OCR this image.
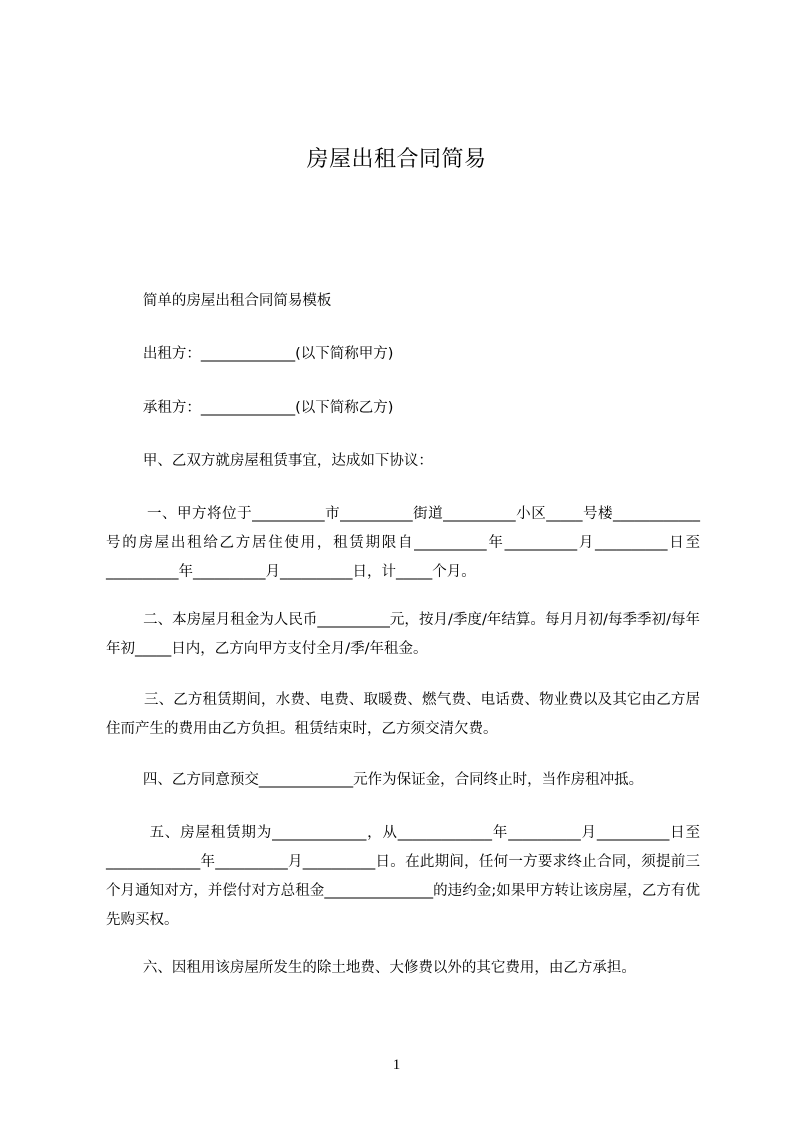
房屋出租合同简易
简单的房屋出租合同简易模板
出租方：_____________(以下简称甲方)
承租方：_____________(以下简称乙方)
甲、乙双方就房屋租赁事宜，达成如下协议：
一、甲方将位于__________市__________街道__________小区_____号楼____________号的房屋出租给乙方居住使用，租赁期限自__________年__________月__________日至__________年__________月__________日，计_____个月。
二、本房屋月租金为人民币__________元，按月/季度/年结算。每月月初/每季季初/每年年初_____日内，乙方向甲方支付全月/季/年租金。
三、乙方租赁期间，水费、电费、取暖费、燃气费、电话费、物业费以及其它由乙方居住而产生的费用由乙方负担。租赁结束时，乙方须交清欠费。
四、乙方同意预交_____________元作为保证金，合同终止时，当作房租冲抵。
五、房屋租赁期为_____________，从_____________年__________月__________日至_____________年__________月__________日。在此期间，任何一方要求终止合同，须提前三个月通知对方，并偿付对方总租金_______________的违约金;如果甲方转让该房屋，乙方有优先购买权。
六、因租用该房屋所发生的除土地费、大修费以外的其它费用，由乙方承担。
1
